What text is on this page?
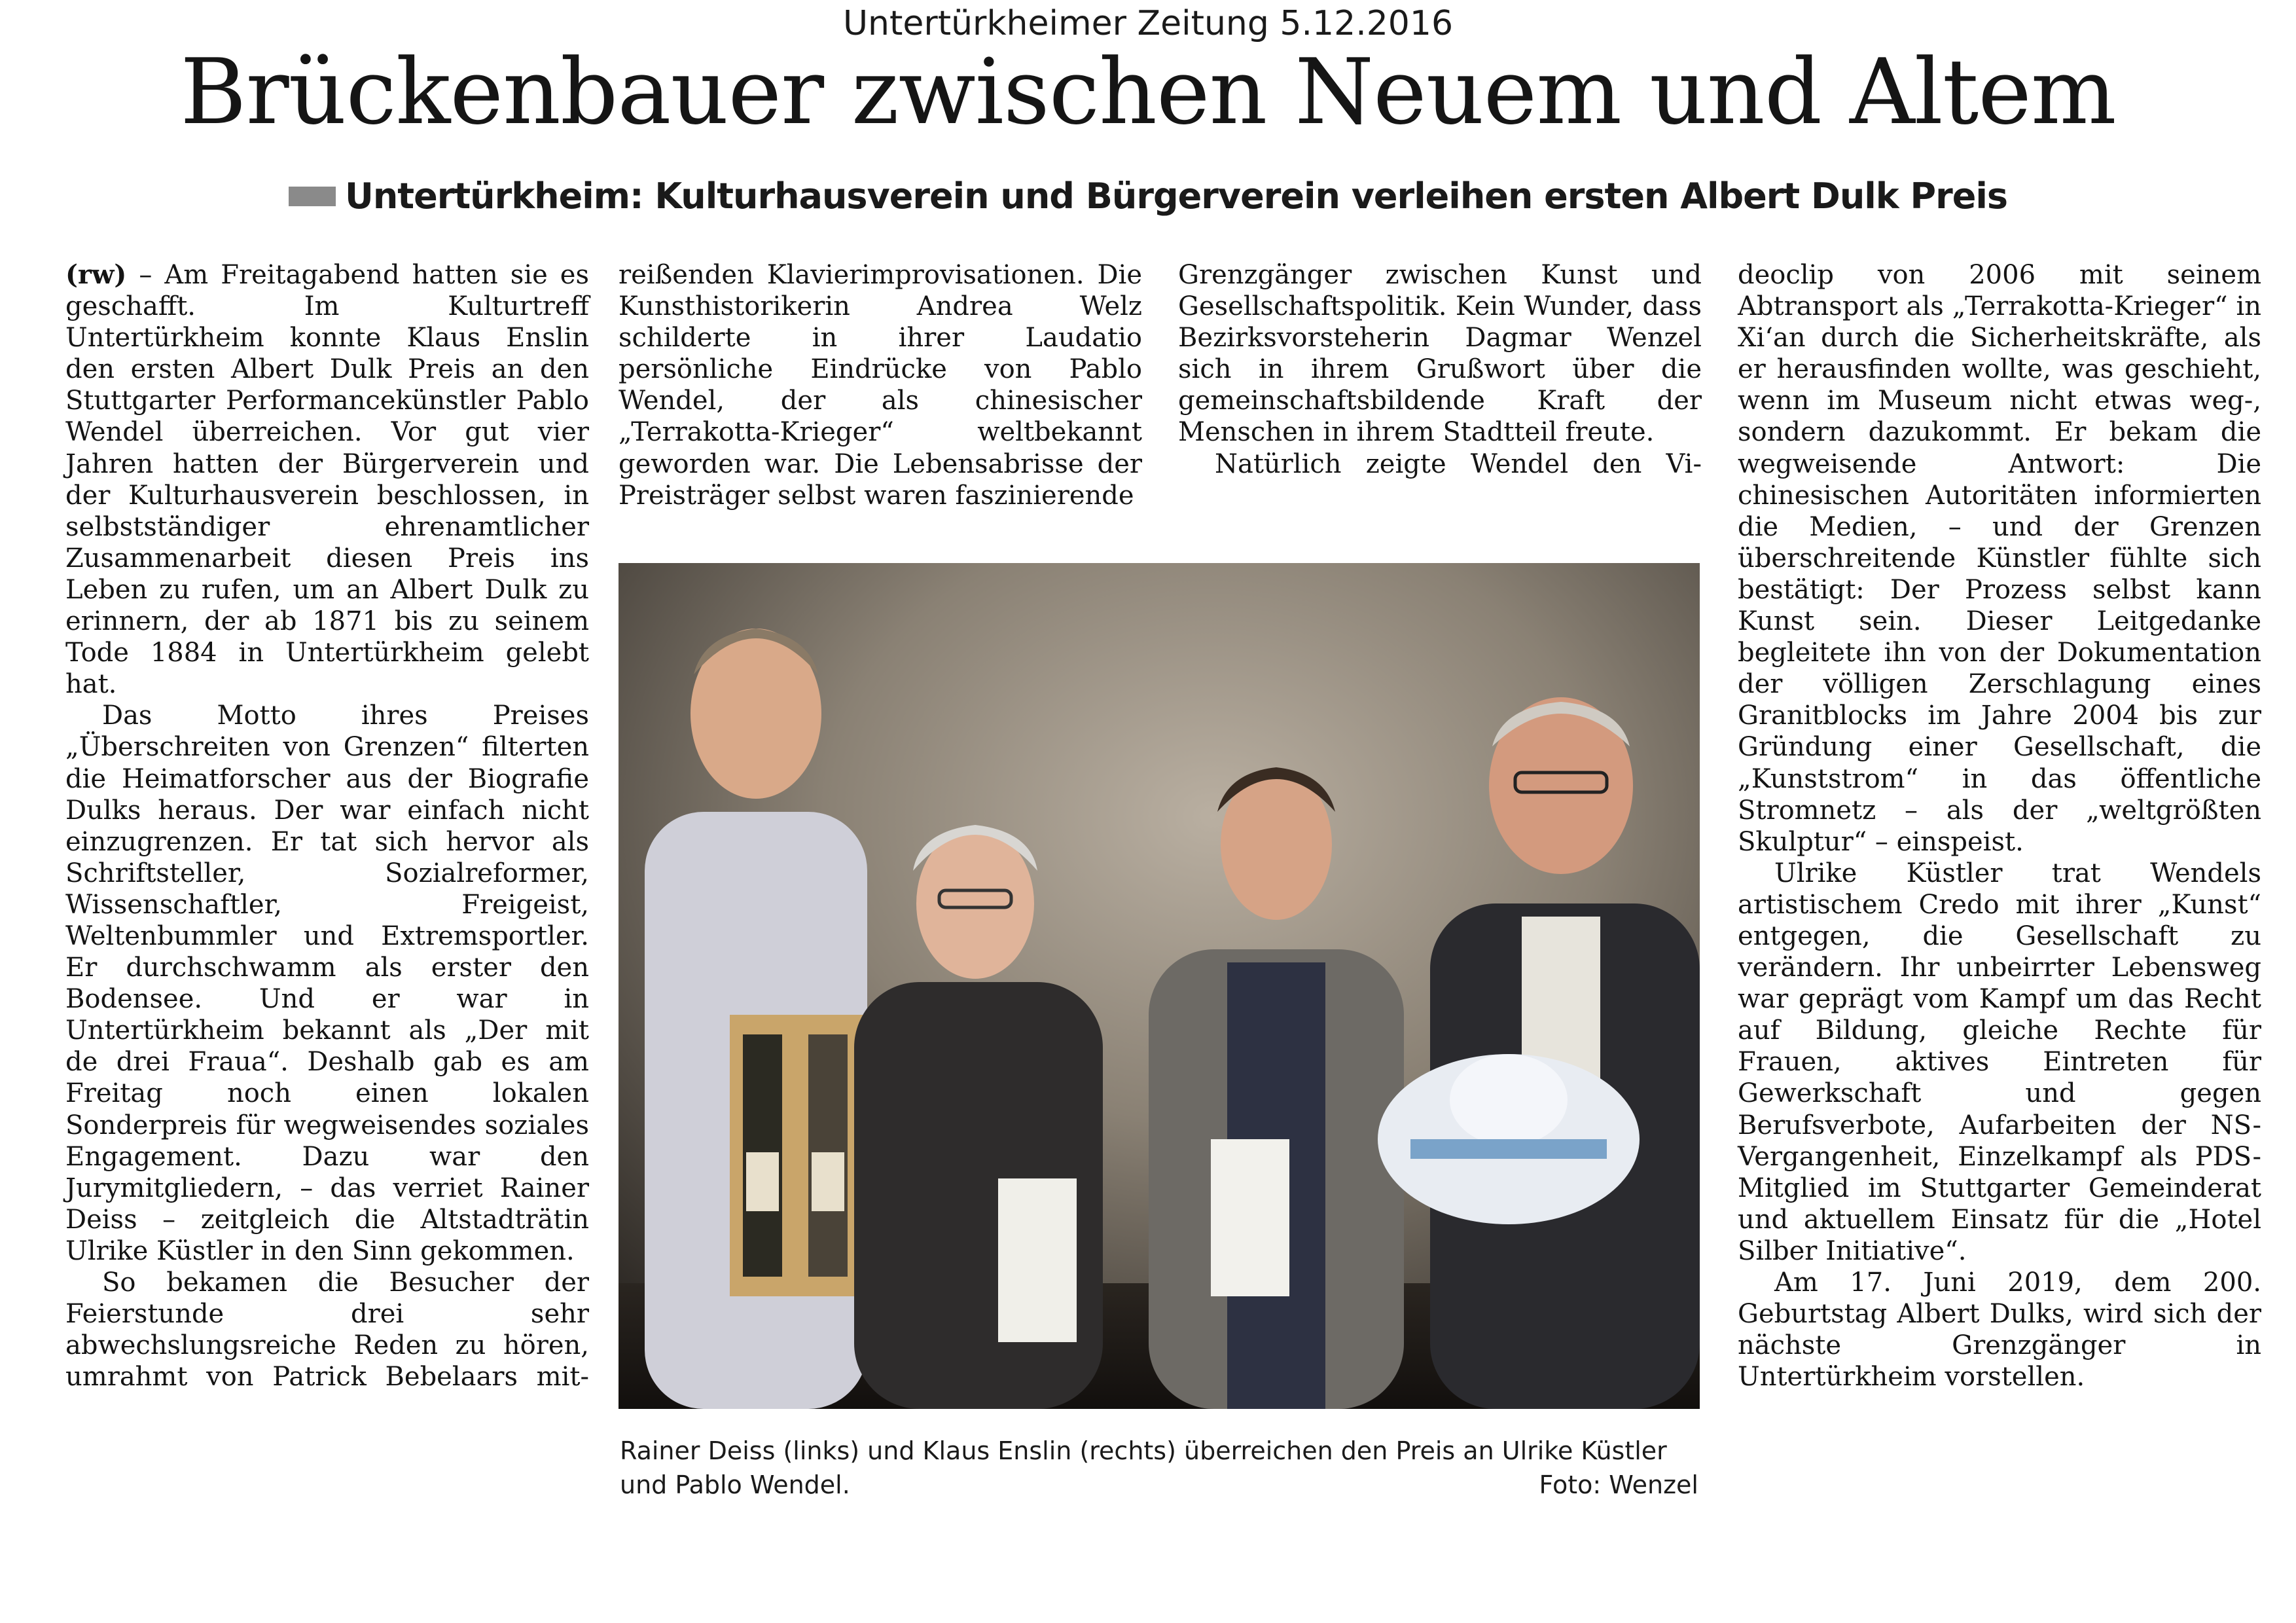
Untertürkheimer Zeitung 5.12.2016
Brückenbauer zwischen Neuem und Altem
Untertürkheim: Kulturhausverein und Bürgerverein verleihen ersten Albert Dulk Preis

(rw) – Am Freitagabend hatten sie es geschafft. Im Kulturtreff Untertürkheim konnte Klaus Enslin den ersten Albert Dulk Preis an den Stuttgarter Performancekünstler Pablo Wendel überreichen. Vor gut vier Jahren hatten der Bürgerverein und der Kulturhausverein beschlossen, in selbstständiger ehrenamtlicher Zusammenarbeit diesen Preis ins Leben zu rufen, um an Albert Dulk zu erinnern, der ab 1871 bis zu seinem Tode 1884 in Untertürkheim gelebt hat.

Das Motto ihres Preises „Überschreiten von Grenzen“ filterten die Heimatforscher aus der Biografie Dulks heraus. Der war einfach nicht einzugrenzen. Er tat sich hervor als Schriftsteller, Sozialreformer, Wissenschaftler, Freigeist, Weltenbummler und Extremsportler. Er durchschwamm als erster den Bodensee. Und er war in Untertürkheim bekannt als „Der mit de drei Fraua“. Deshalb gab es am Freitag noch einen lokalen Sonderpreis für wegweisendes soziales Engagement. Dazu war den Jurymitgliedern, – das verriet Rainer Deiss – zeitgleich die Altstadträtin Ulrike Küstler in den Sinn gekommen.

So bekamen die Besucher der Feierstunde drei sehr abwechslungsreiche Reden zu hören, umrahmt von Patrick Bebelaars mit-

reißenden Klavierimprovisationen. Die Kunsthistorikerin Andrea Welz schilderte in ihrer Laudatio persönliche Eindrücke von Pablo Wendel, der als chinesischer „Terrakotta-Krieger“ weltbekannt geworden war. Die Lebensabrisse der Preisträger selbst waren faszinierende

Grenzgänger zwischen Kunst und Gesellschaftspolitik. Kein Wunder, dass Bezirksvorsteherin Dagmar Wenzel sich in ihrem Grußwort über die gemeinschaftsbildende Kraft der Menschen in ihrem Stadtteil freute.

Natürlich zeigte Wendel den Vi-

deoclip von 2006 mit seinem Abtransport als „Terrakotta-Krieger“ in Xi‘an durch die Sicherheitskräfte, als er herausfinden wollte, was geschieht, wenn im Museum nicht etwas weg-, sondern dazukommt. Er bekam die wegweisende Antwort: Die chinesischen Autoritäten informierten die Medien, – und der Grenzen überschreitende Künstler fühlte sich bestätigt: Der Prozess selbst kann Kunst sein. Dieser Leitgedanke begleitete ihn von der Dokumentation der völligen Zerschlagung eines Granitblocks im Jahre 2004 bis zur Gründung einer Gesellschaft, die „Kunststrom“ in das öffentliche Stromnetz – als der „weltgrößten Skulptur“ – einspeist.

Ulrike Küstler trat Wendels artistischem Credo mit ihrer „Kunst“ entgegen, die Gesellschaft zu verändern. Ihr unbeirrter Lebensweg war geprägt vom Kampf um das Recht auf Bildung, gleiche Rechte für Frauen, aktives Eintreten für Gewerkschaft und gegen Berufsverbote, Aufarbeiten der NS-Vergangenheit, Einzelkampf als PDS-Mitglied im Stuttgarter Gemeinderat und aktuellem Einsatz für die „Hotel Silber Initiative“.

Am 17. Juni 2019, dem 200. Geburtstag Albert Dulks, wird sich der nächste Grenzgänger in Untertürkheim vorstellen.

Rainer Deiss (links) und Klaus Enslin (rechts) überreichen den Preis an Ulrike Küstler und Pablo Wendel.	Foto: Wenzel
